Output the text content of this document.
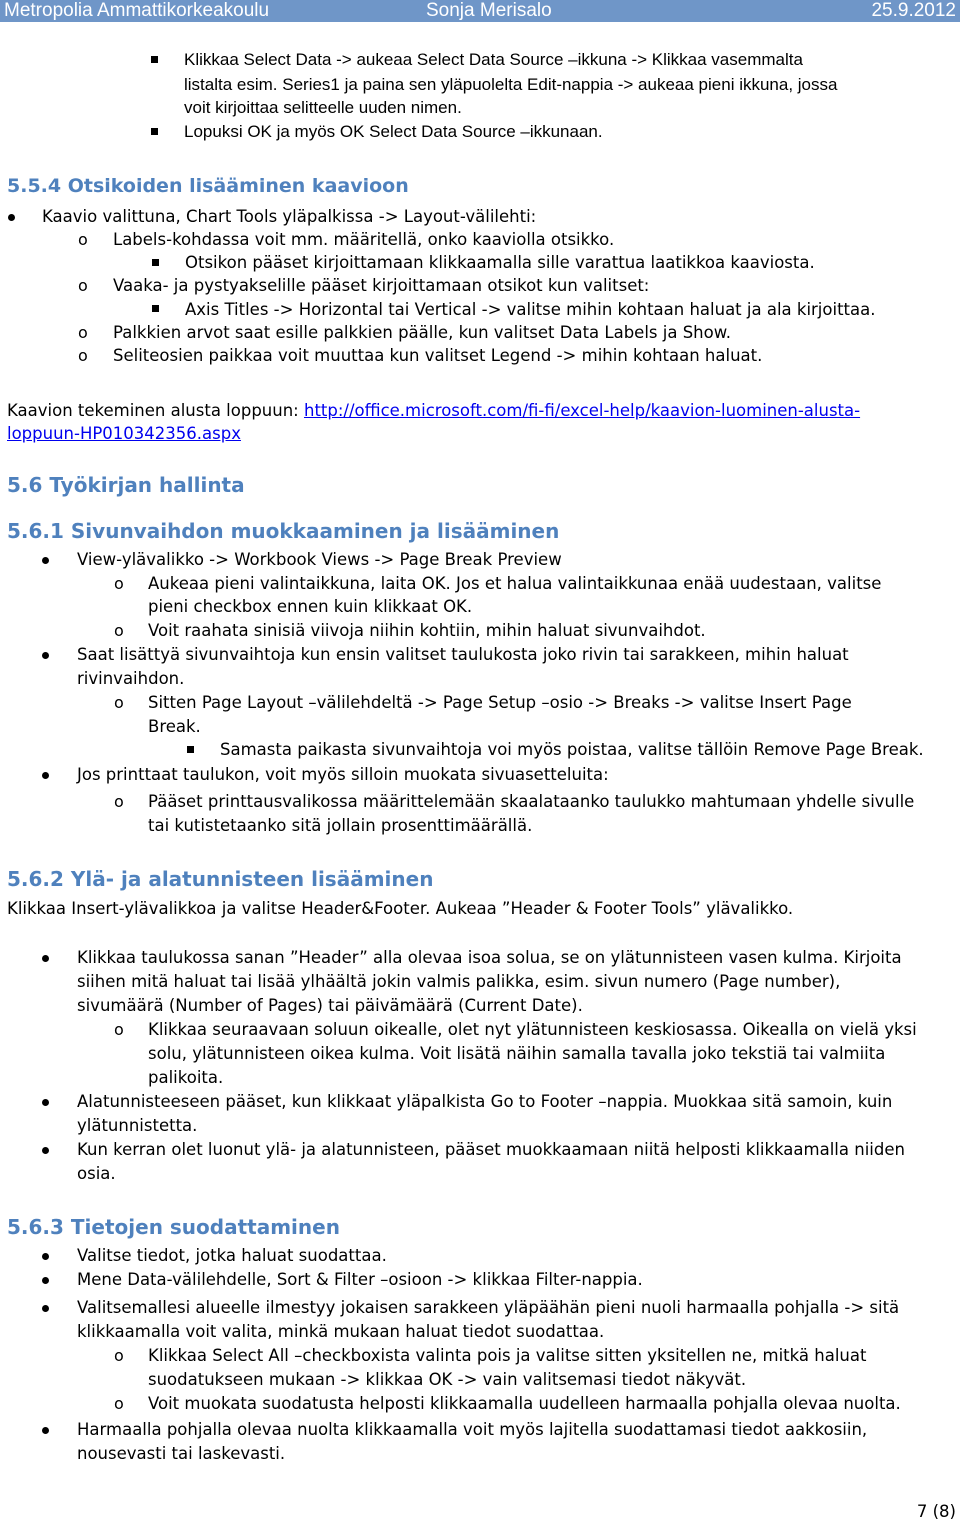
Metropolia Ammattikorkeakoulu	Sonja Merisalo	25.9.2012
Klikkaa Select Data -> aukeaa Select Data Source –ikkuna -> Klikkaa vasemmalta
listalta esim. Series1 ja paina sen yläpuolelta Edit-nappia -> aukeaa pieni ikkuna, jossa
voit kirjoittaa selitteelle uuden nimen.
Lopuksi OK ja myös OK Select Data Source –ikkunaan.
5.5.4 Otsikoiden lisääminen kaavioon
Kaavio valittuna, Chart Tools yläpalkissa -> Layout-välilehti:
o Labels-kohdassa voit mm. määritellä, onko kaaviolla otsikko.
Otsikon pääset kirjoittamaan klikkaamalla sille varattua laatikkoa kaaviosta.
o Vaaka- ja pystyakselille pääset kirjoittamaan otsikot kun valitset:
Axis Titles -> Horizontal tai Vertical -> valitse mihin kohtaan haluat ja ala kirjoittaa.
o Palkkien arvot saat esille palkkien päälle, kun valitset Data Labels ja Show.
o Seliteosien paikkaa voit muuttaa kun valitset Legend -> mihin kohtaan haluat.
Kaavion tekeminen alusta loppuun: http://office.microsoft.com/fi-fi/excel-help/kaavion-luominen-alusta-
loppuun-HP010342356.aspx
5.6 Työkirjan hallinta
5.6.1 Sivunvaihdon muokkaaminen ja lisääminen
View-ylävalikko -> Workbook Views -> Page Break Preview
o Aukeaa pieni valintaikkuna, laita OK. Jos et halua valintaikkunaa enää uudestaan, valitse
pieni checkbox ennen kuin klikkaat OK.
o Voit raahata sinisiä viivoja niihin kohtiin, mihin haluat sivunvaihdot.
Saat lisättyä sivunvaihtoja kun ensin valitset taulukosta joko rivin tai sarakkeen, mihin haluat
rivinvaihdon.
o Sitten Page Layout –välilehdeltä -> Page Setup –osio -> Breaks -> valitse Insert Page
Break.
Samasta paikasta sivunvaihtoja voi myös poistaa, valitse tällöin Remove Page Break.
Jos printtaat taulukon, voit myös silloin muokata sivuasetteluita:
o Pääset printtausvalikossa määrittelemään skaalataanko taulukko mahtumaan yhdelle sivulle
tai kutistetaanko sitä jollain prosenttimäärällä.
5.6.2 Ylä- ja alatunnisteen lisääminen
Klikkaa Insert-ylävalikkoa ja valitse Header&Footer. Aukeaa ”Header & Footer Tools” ylävalikko.
Klikkaa taulukossa sanan ”Header” alla olevaa isoa solua, se on ylätunnisteen vasen kulma. Kirjoita
siihen mitä haluat tai lisää ylhäältä jokin valmis palikka, esim. sivun numero (Page number),
sivumäärä (Number of Pages) tai päivämäärä (Current Date).
o Klikkaa seuraavaan soluun oikealle, olet nyt ylätunnisteen keskiosassa. Oikealla on vielä yksi
solu, ylätunnisteen oikea kulma. Voit lisätä näihin samalla tavalla joko tekstiä tai valmiita
palikoita.
Alatunnisteeseen pääset, kun klikkaat yläpalkista Go to Footer –nappia. Muokkaa sitä samoin, kuin
ylätunnistetta.
Kun kerran olet luonut ylä- ja alatunnisteen, pääset muokkaamaan niitä helposti klikkaamalla niiden
osia.
5.6.3 Tietojen suodattaminen
Valitse tiedot, jotka haluat suodattaa.
Mene Data-välilehdelle, Sort & Filter –osioon -> klikkaa Filter-nappia.
Valitsemallesi alueelle ilmestyy jokaisen sarakkeen yläpäähän pieni nuoli harmaalla pohjalla -> sitä
klikkaamalla voit valita, minkä mukaan haluat tiedot suodattaa.
o Klikkaa Select All –checkboxista valinta pois ja valitse sitten yksitellen ne, mitkä haluat
suodatukseen mukaan -> klikkaa OK -> vain valitsemasi tiedot näkyvät.
o Voit muokata suodatusta helposti klikkaamalla uudelleen harmaalla pohjalla olevaa nuolta.
Harmaalla pohjalla olevaa nuolta klikkaamalla voit myös lajitella suodattamasi tiedot aakkosiin,
nousevasti tai laskevasti.
7 (8)
